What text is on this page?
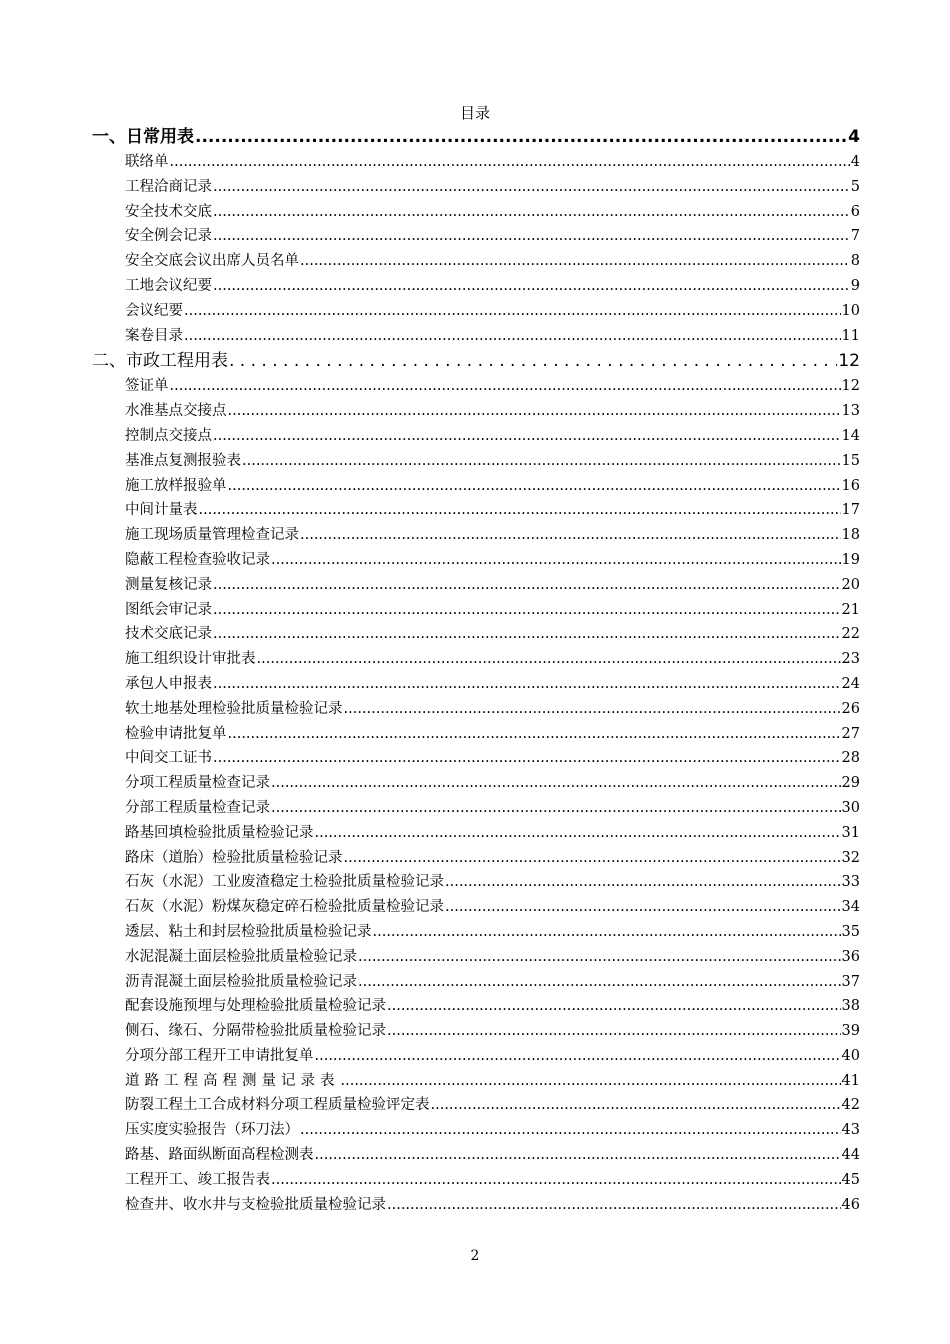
目录
一、日常用表 .....	4
联络单 .....	4
工程洽商记录 .....	5
安全技术交底 .....	6
安全例会记录 .....	7
安全交底会议出席人员名单 .....	8
工地会议纪要 .....	9
会议纪要 .....	10
案卷目录 .....	11
二、市政工程用表 . . .	12
签证单 .....	12
水准基点交接点 .....	13
控制点交接点 .....	14
基准点复测报验表 .....	15
施工放样报验单 .....	16
中间计量表 .....	17
施工现场质量管理检查记录 .....	18
隐蔽工程检查验收记录 .....	19
测量复核记录 .....	20
图纸会审记录 .....	21
技术交底记录 .....	22
施工组织设计审批表 .....	23
承包人申报表 .....	24
软土地基处理检验批质量检验记录 .....	26
检验申请批复单 .....	27
中间交工证书 .....	28
分项工程质量检查记录 .....	29
分部工程质量检查记录 .....	30
路基回填检验批质量检验记录 .....	31
路床（道胎）检验批质量检验记录 .....	32
石灰（水泥）工业废渣稳定土检验批质量检验记录 .....	33
石灰（水泥）粉煤灰稳定碎石检验批质量检验记录 .....	34
透层、粘土和封层检验批质量检验记录 .....	35
水泥混凝土面层检验批质量检验记录 .....	36
沥青混凝土面层检验批质量检验记录 .....	37
配套设施预埋与处理检验批质量检验记录 .....	38
侧石、缘石、分隔带检验批质量检验记录 .....	39
分项分部工程开工申请批复单 .....	40
道路工程高程测量记录表 .....	41
防裂工程土工合成材料分项工程质量检验评定表 .....	42
压实度实验报告（环刀法） .....	43
路基、路面纵断面高程检测表 .....	44
工程开工、竣工报告表 .....	45
检查井、收水井与支检验批质量检验记录 .....	46
2
